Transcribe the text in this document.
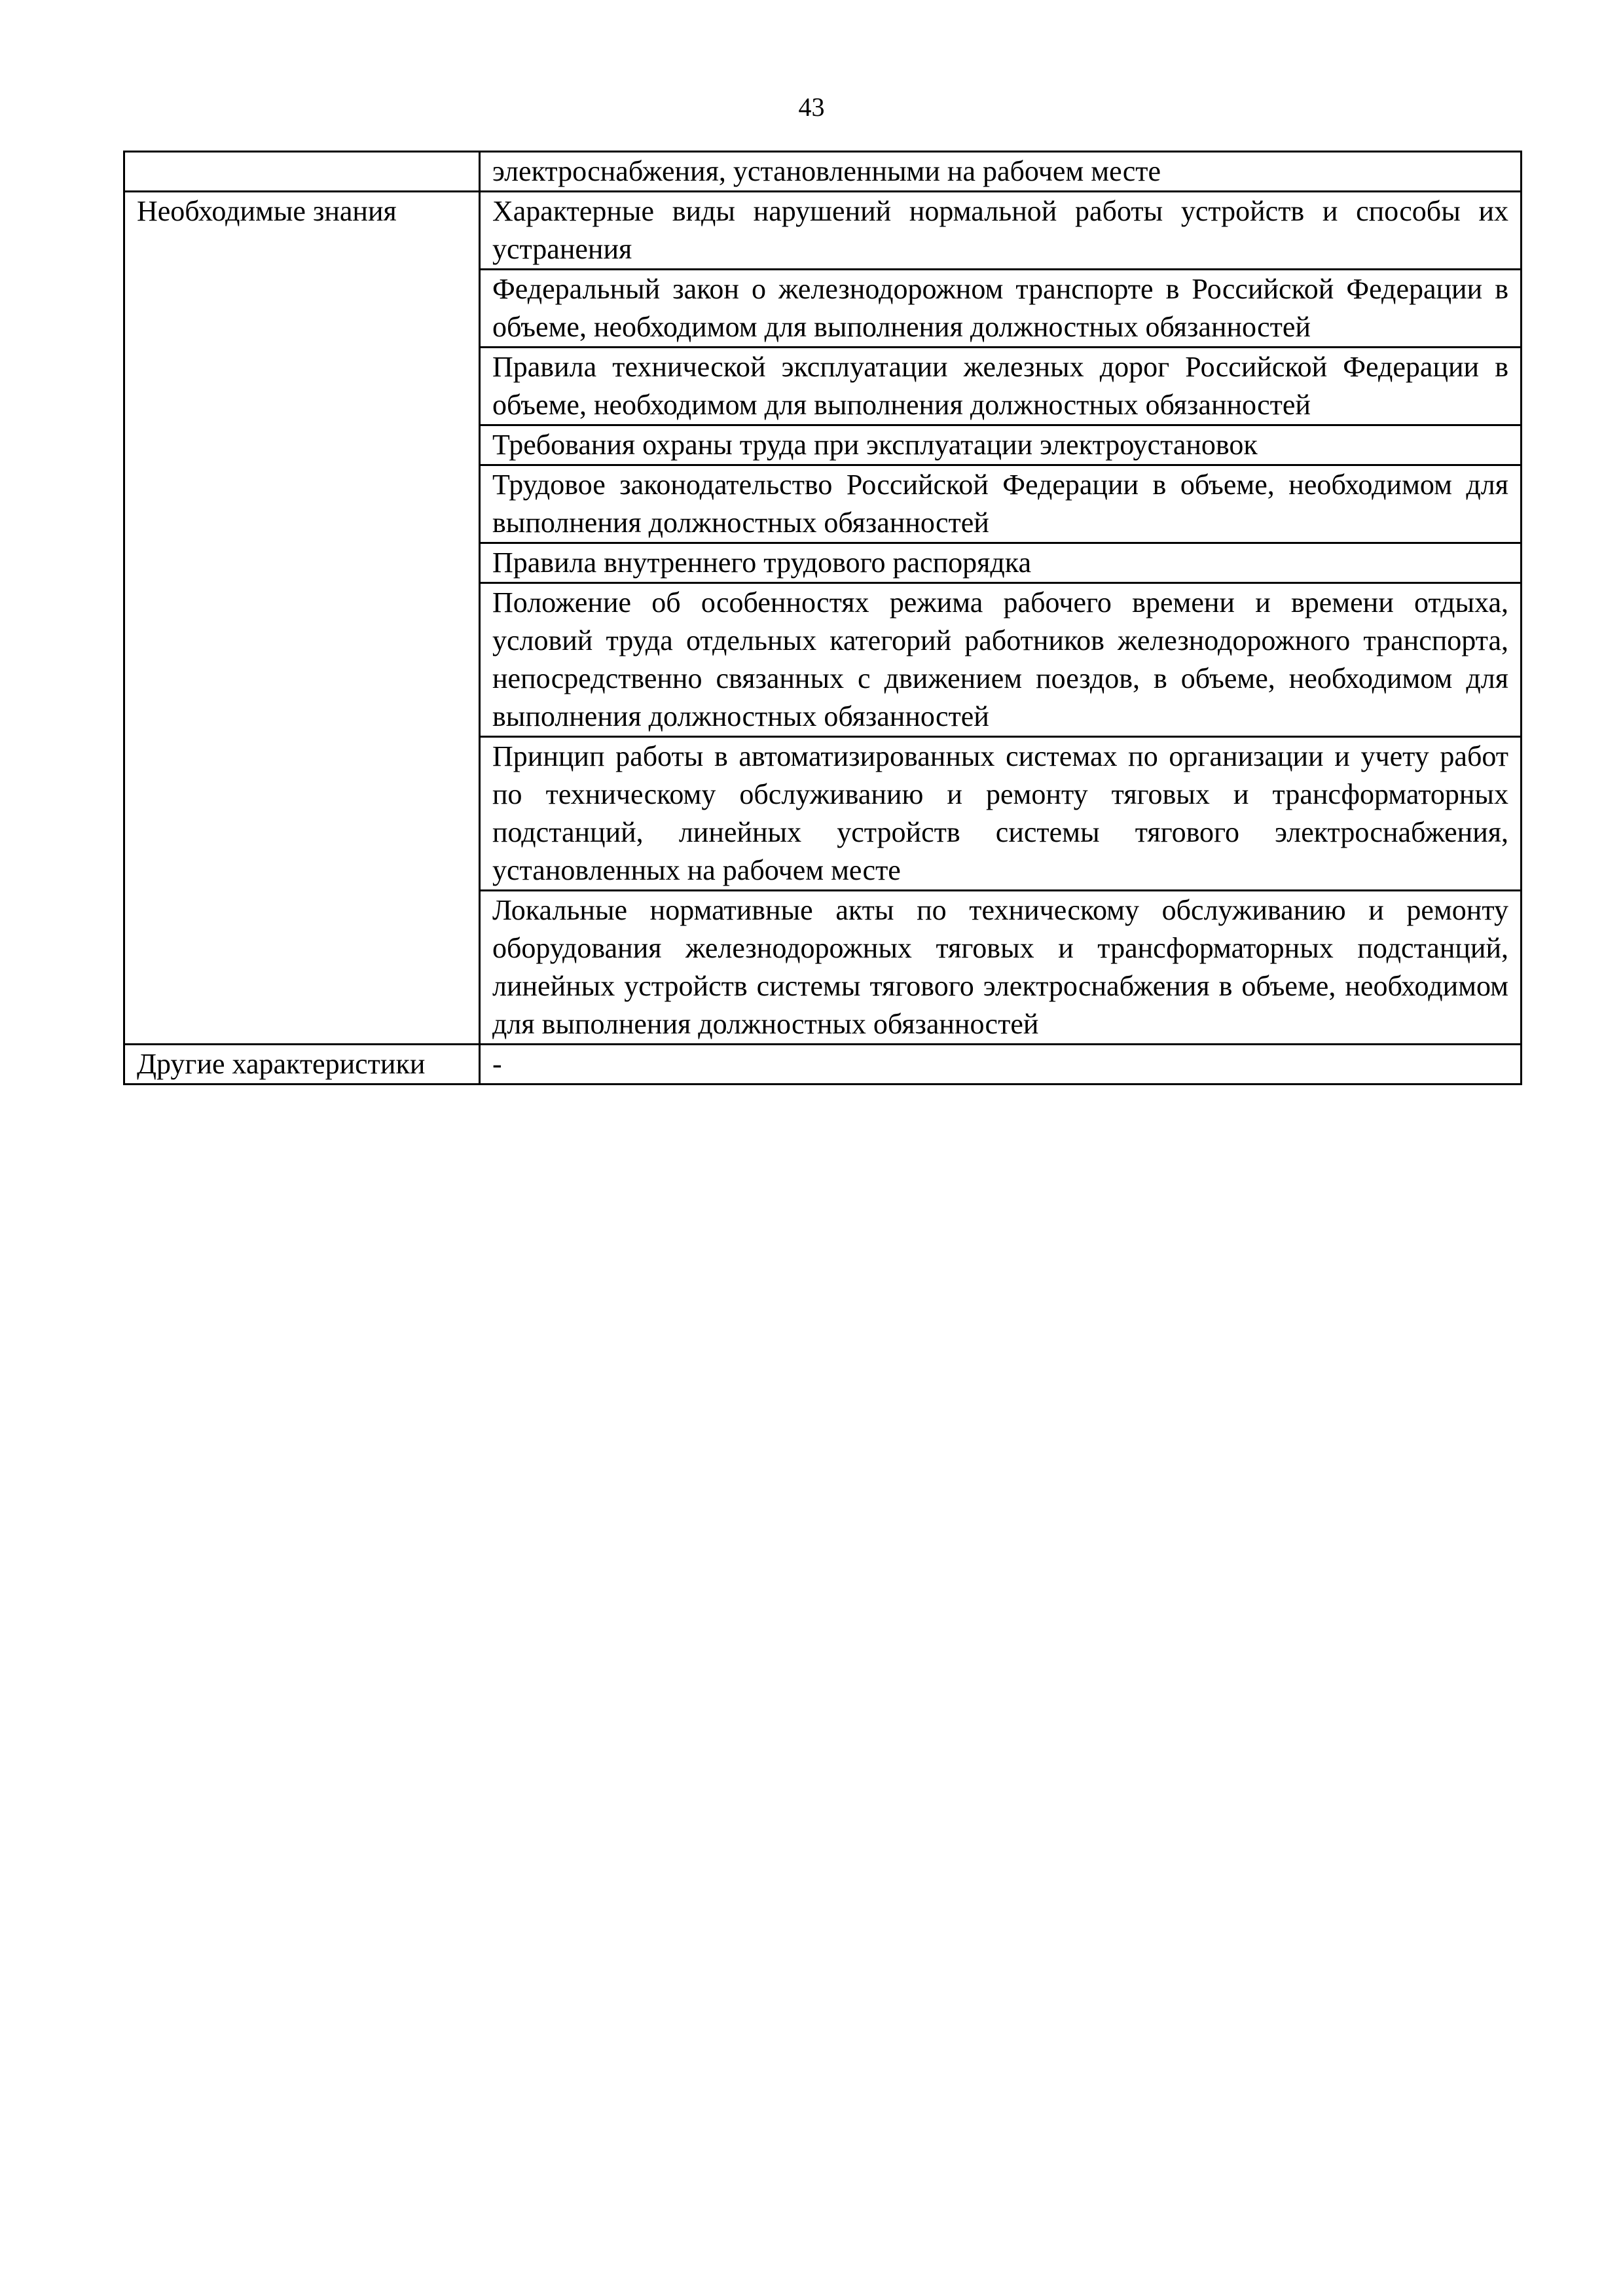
43
	электроснабжения, установленными на рабочем месте
Необходимые знания	Характерные виды нарушений нормальной работы устройств и способы их устранения
	Федеральный закон о железнодорожном транспорте в Российской Федерации в объеме, необходимом для выполнения должностных обязанностей
	Правила технической эксплуатации железных дорог Российской Федерации в объеме, необходимом для выполнения должностных обязанностей
	Требования охраны труда при эксплуатации электроустановок
	Трудовое законодательство Российской Федерации в объеме, необходимом для выполнения должностных обязанностей
	Правила внутреннего трудового распорядка
	Положение об особенностях режима рабочего времени и времени отдыха, условий труда отдельных категорий работников железнодорожного транспорта, непосредственно связанных с движением поездов, в объеме, необходимом для выполнения должностных обязанностей
	Принцип работы в автоматизированных системах по организации и учету работ по техническому обслуживанию и ремонту тяговых и трансформаторных подстанций, линейных устройств системы тягового электроснабжения, установленных на рабочем месте
	Локальные нормативные акты по техническому обслуживанию и ремонту оборудования железнодорожных тяговых и трансформаторных подстанций, линейных устройств системы тягового электроснабжения в объеме, необходимом для выполнения должностных обязанностей
Другие характеристики	-
